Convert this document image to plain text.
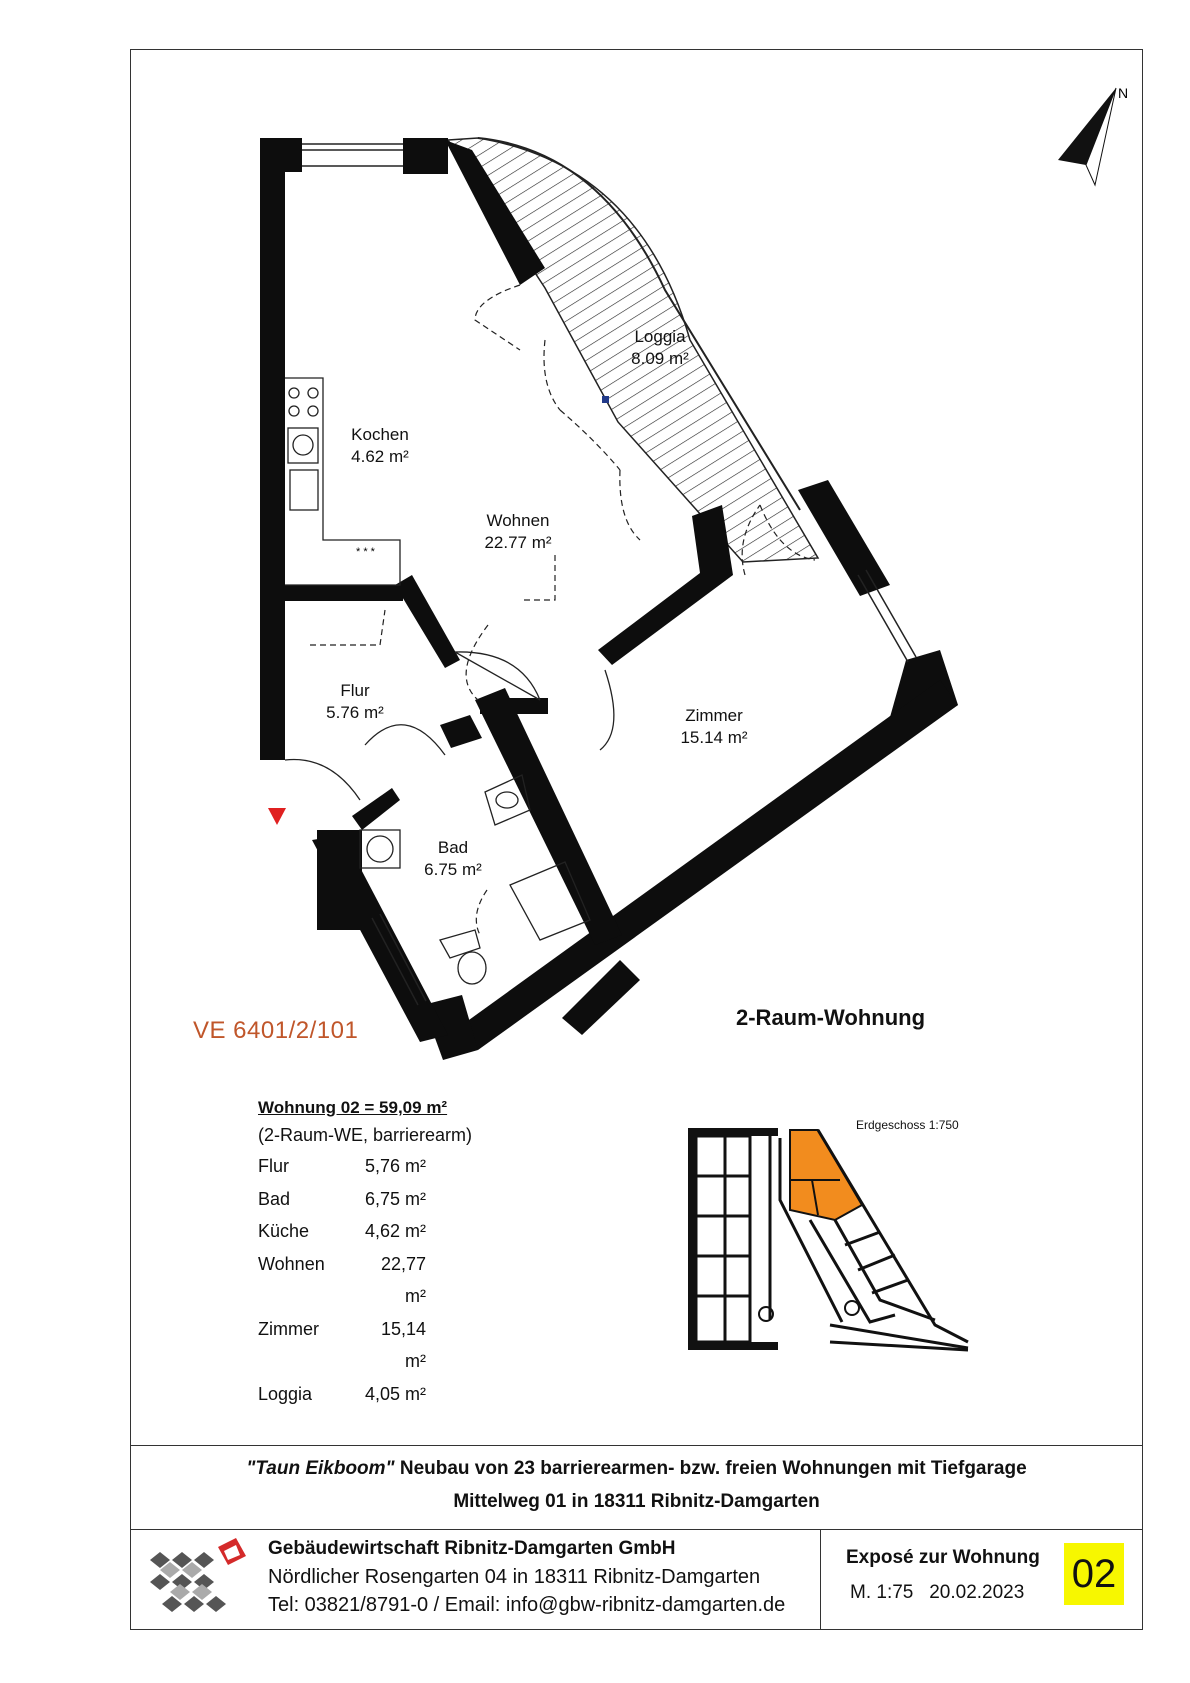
N
* * *
Loggia
8.09 m²
Kochen
4.62 m²
Wohnen
22.77 m²
Flur
5.76 m²	Zimmer
15.14 m²
Bad
6.75 m²
VE 6401/2/101	2-Raum-Wohnung
Wohnung 02 = 59,09 m²
(2-Raum-WE, barrierearm)
Flur	5,76 m²
Bad	6,75 m²
Küche	4,62 m²
Wohnen	22,77 m²
Zimmer	15,14 m²
Loggia	4,05 m²
Erdgeschoss 1:750
"Taun Eikboom" Neubau von 23 barrierearmen- bzw. freien Wohnungen mit Tiefgarage
Mittelweg 01 in 18311 Ribnitz-Damgarten
Gebäudewirtschaft Ribnitz-Damgarten GmbH
Nördlicher Rosengarten 04 in 18311 Ribnitz-Damgarten
Tel: 03821/8791-0 / Email: info@gbw-ribnitz-damgarten.de
Exposé zur Wohnung
M. 1:75 20.02.2023 02
